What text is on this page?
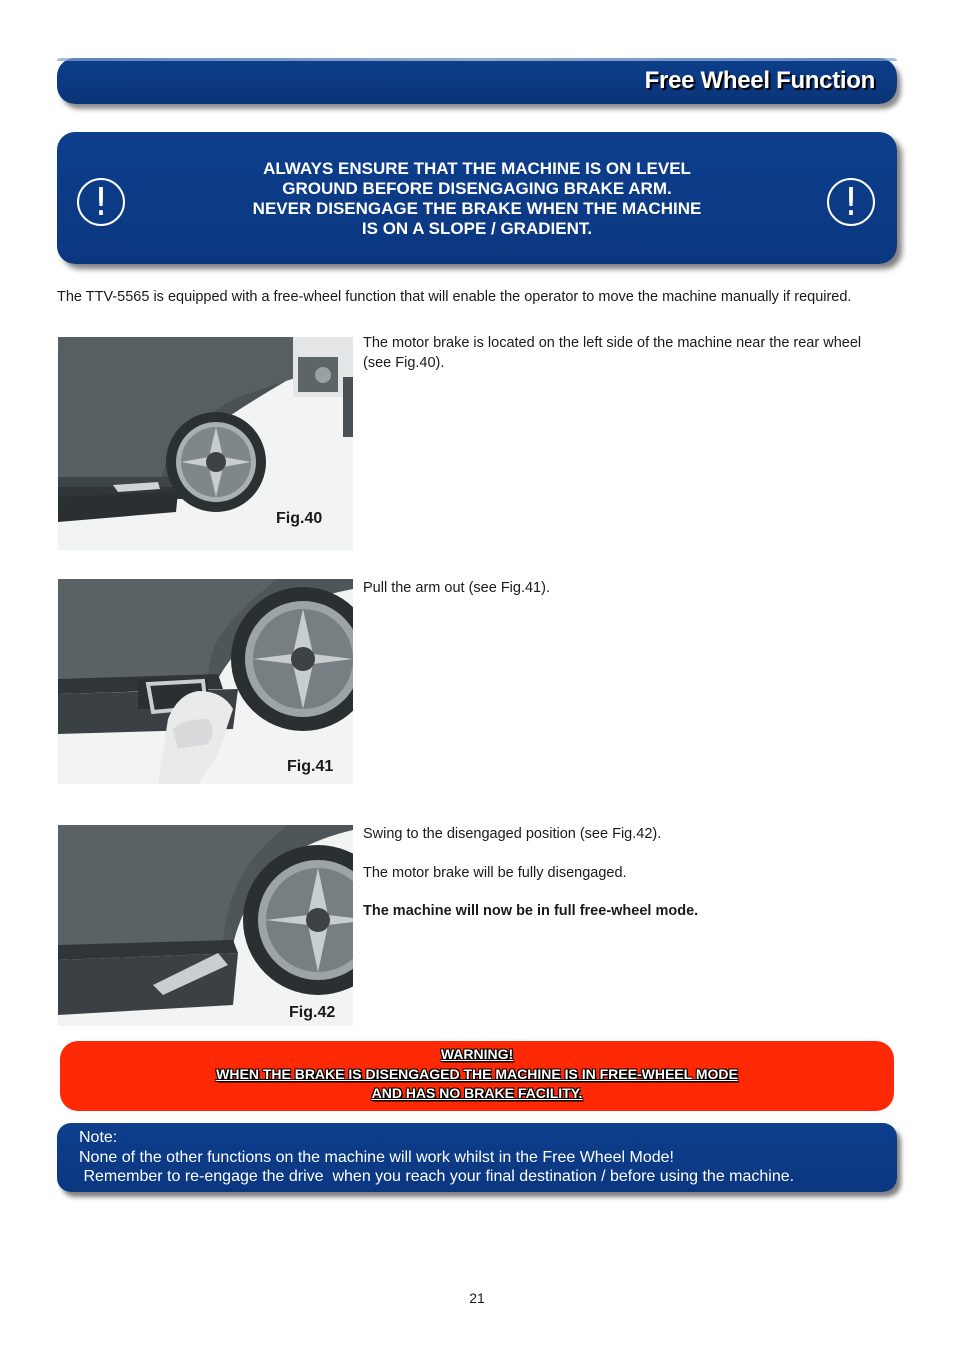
Free Wheel Function
!
ALWAYS ENSURE THAT THE MACHINE IS ON LEVEL
GROUND BEFORE DISENGAGING BRAKE ARM.
NEVER DISENGAGE THE BRAKE WHEN THE MACHINE
IS ON A SLOPE / GRADIENT.
!

The TTV-5565 is equipped with a free-wheel function that will enable the operator to move the machine manually if required.

Fig.40

The motor brake is located on the left side of the machine near the rear wheel (see Fig.40).

Fig.41

Pull the arm out (see Fig.41).

Fig.42

Swing to the disengaged position (see Fig.42).

The motor brake will be fully disengaged.

The machine will now be in full free-wheel mode.

WARNING!
WHEN THE BRAKE IS DISENGAGED THE MACHINE IS IN FREE-WHEEL MODE
AND HAS NO BRAKE FACILITY.
Note:
None of the other functions on the machine will work whilst in the Free Wheel Mode!
Remember to re-engage the drive  when you reach your final destination / before using the machine.
21
